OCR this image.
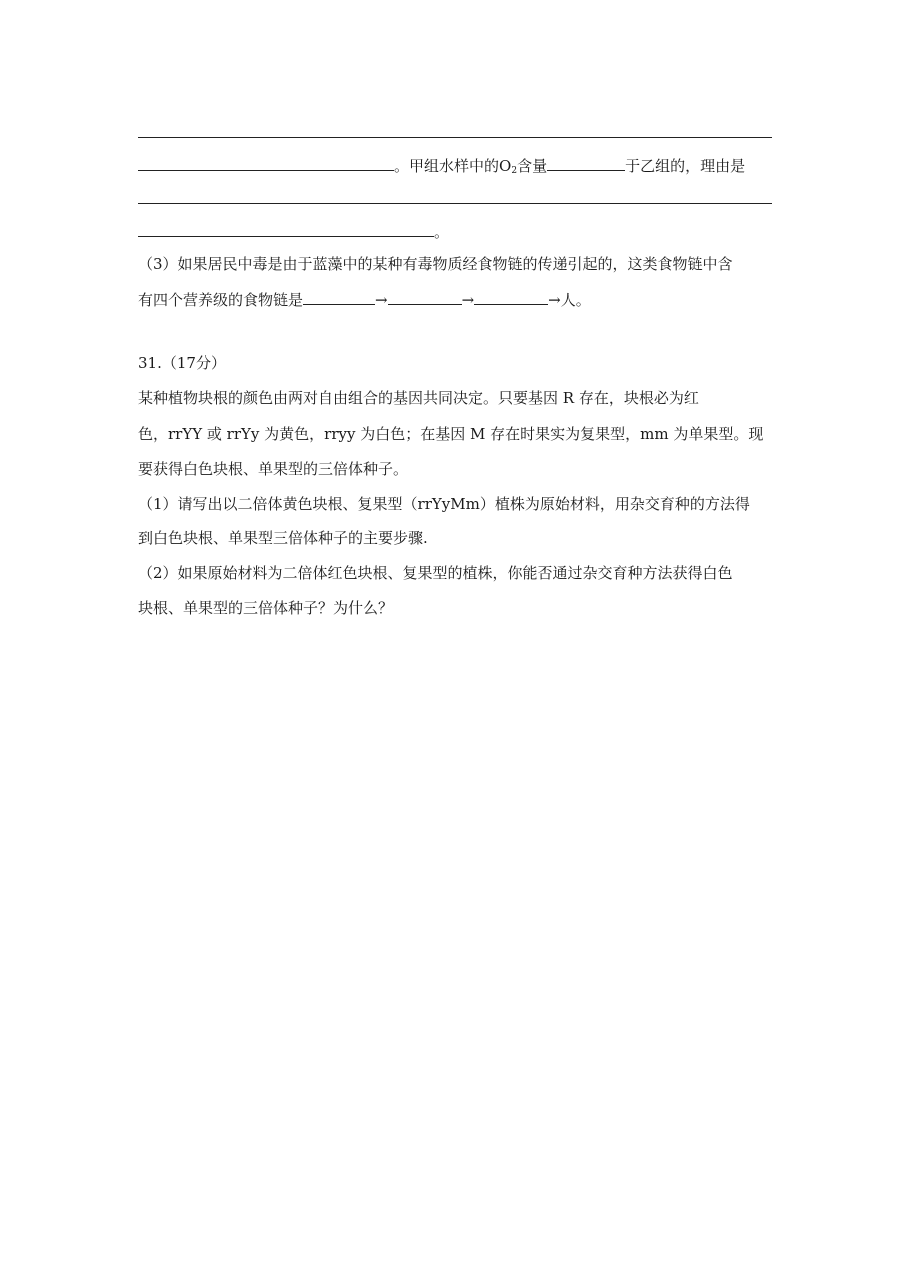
。甲组水样中的$O_2$含量	于乙组的，理由是
。
（3）如果居民中毒是由于蓝藻中的某种有毒物质经食物链的传递引起的，这类食物链中含
有四个营养级的食物链是	→	→	→人。
31.（17分）
某种植物块根的颜色由两对自由组合的基因共同决定。只要基因 R 存在，块根必为红
色，rrYY 或 rrYy 为黄色，rryy 为白色；在基因 M 存在时果实为复果型，mm 为单果型。现
要获得白色块根、单果型的三倍体种子。
（1）请写出以二倍体黄色块根、复果型（rrYyMm）植株为原始材料，用杂交育种的方法得
到白色块根、单果型三倍体种子的主要步骤.
（2）如果原始材料为二倍体红色块根、复果型的植株，你能否通过杂交育种方法获得白色
块根、单果型的三倍体种子？为什么？
